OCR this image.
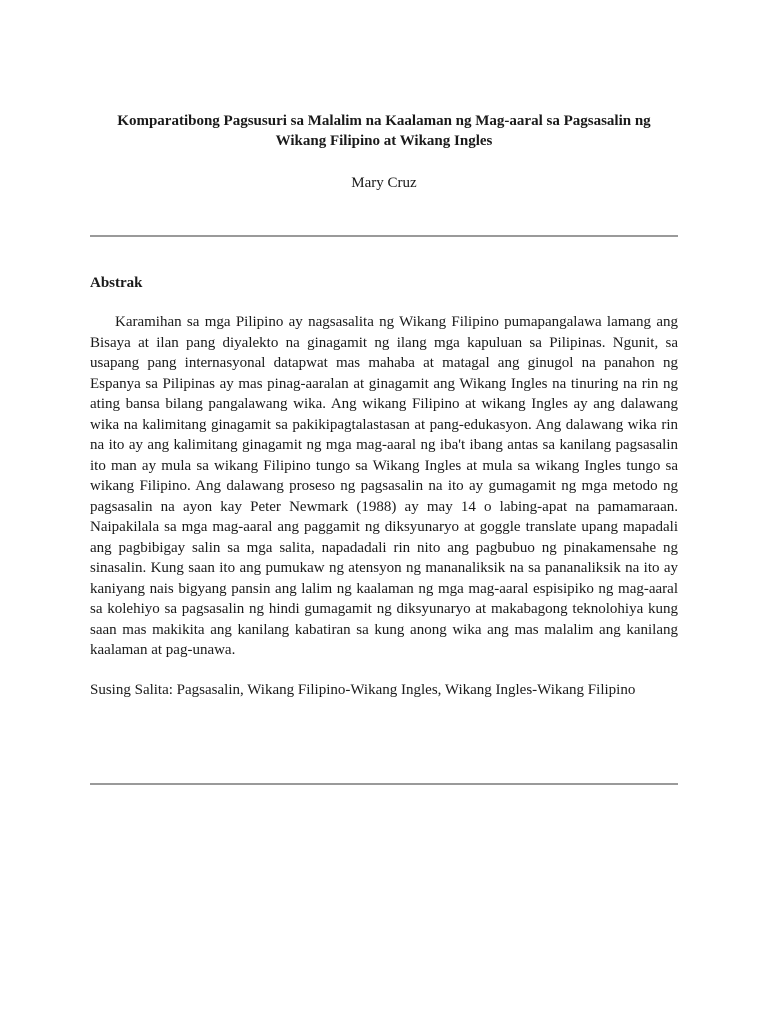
Komparatibong Pagsusuri sa Malalim na Kaalaman ng Mag-aaral sa Pagsasalin ng
Wikang Filipino at Wikang Ingles

Mary Cruz

Abstrak

Karamihan sa mga Pilipino ay nagsasalita ng Wikang Filipino pumapangalawa lamang ang Bisaya at ilan pang diyalekto na ginagamit ng ilang mga kapuluan sa Pilipinas. Ngunit, sa usapang pang internasyonal datapwat mas mahaba at matagal ang ginugol na panahon ng Espanya sa Pilipinas ay mas pinag-aaralan at ginagamit ang Wikang Ingles na tinuring na rin ng ating bansa bilang pangalawang wika. Ang wikang Filipino at wikang Ingles ay ang dalawang wika na kalimitang ginagamit sa pakikipagtalastasan at pang-edukasyon. Ang dalawang wika rin na ito ay ang kalimitang ginagamit ng mga mag-aaral ng iba't ibang antas sa kanilang pagsasalin ito man ay mula sa wikang Filipino tungo sa Wikang Ingles at mula sa wikang Ingles tungo sa wikang Filipino. Ang dalawang proseso ng pagsasalin na ito ay gumagamit ng mga metodo ng pagsasalin na ayon kay Peter Newmark (1988) ay may 14 o labing-apat na pamamaraan. Naipakilala sa mga mag-aaral ang paggamit ng diksyunaryo at goggle translate upang mapadali ang pagbibigay salin sa mga salita, napadadali rin nito ang pagbubuo ng pinakamensahe ng sinasalin. Kung saan ito ang pumukaw ng atensyon ng mananaliksik na sa pananaliksik na ito ay kaniyang nais bigyang pansin ang lalim ng kaalaman ng mga mag-aaral espisipiko ng mag-aaral sa kolehiyo sa pagsasalin ng hindi gumagamit ng diksyunaryo at makabagong teknolohiya kung saan mas makikita ang kanilang kabatiran sa kung anong wika ang mas malalim ang kanilang kaalaman at pag-unawa.

Susing Salita: Pagsasalin, Wikang Filipino-Wikang Ingles, Wikang Ingles-Wikang Filipino
